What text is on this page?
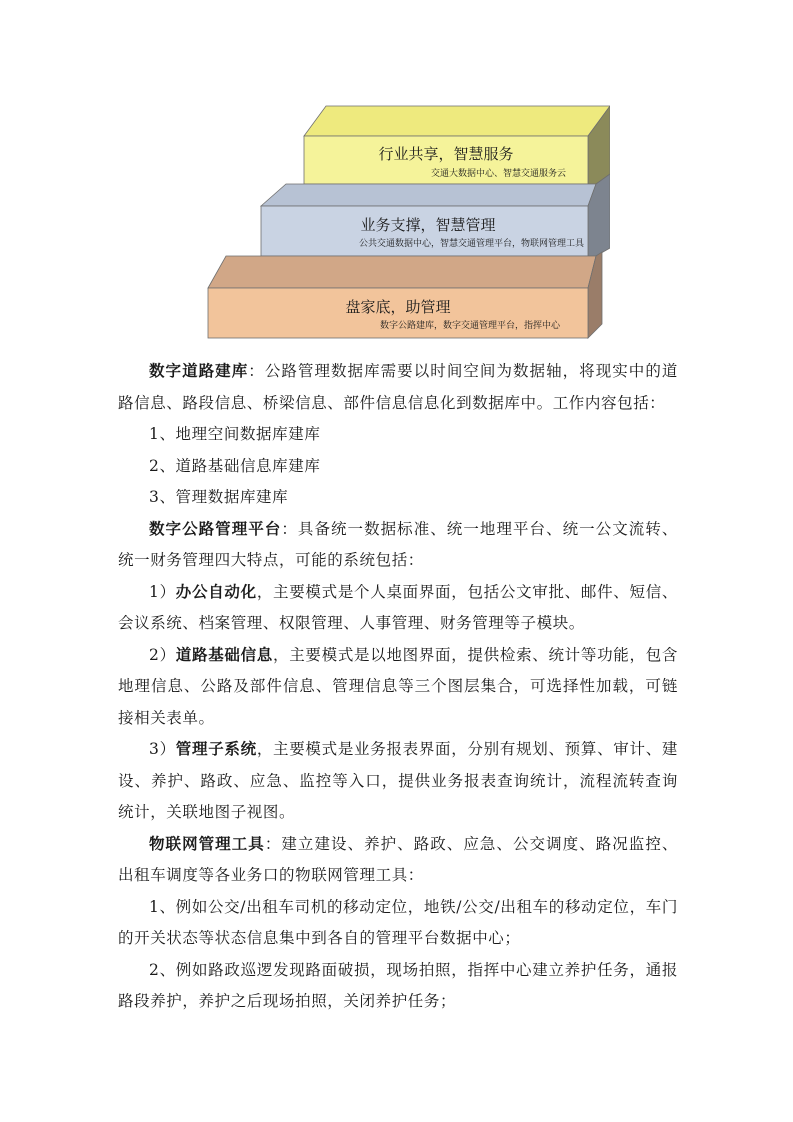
行业共享，智慧服务
交通大数据中心、智慧交通服务云
业务支撑，智慧管理
公共交通数据中心，智慧交通管理平台，物联网管理工具
盘家底，助管理
数字公路建库，数字交通管理平台，指挥中心

数字道路建库：公路管理数据库需要以时间空间为数据轴，将现实中的道路信息、路段信息、桥梁信息、部件信息信息化到数据库中。工作内容包括：

1、地理空间数据库建库

2、道路基础信息库建库

3、管理数据库建库

数字公路管理平台：具备统一数据标准、统一地理平台、统一公文流转、统一财务管理四大特点，可能的系统包括：

1）办公自动化，主要模式是个人桌面界面，包括公文审批、邮件、短信、会议系统、档案管理、权限管理、人事管理、财务管理等子模块。

2）道路基础信息，主要模式是以地图界面，提供检索、统计等功能，包含地理信息、公路及部件信息、管理信息等三个图层集合，可选择性加载，可链接相关表单。

3）管理子系统，主要模式是业务报表界面，分别有规划、预算、审计、建设、养护、路政、应急、监控等入口，提供业务报表查询统计，流程流转查询统计，关联地图子视图。

物联网管理工具：建立建设、养护、路政、应急、公交调度、路况监控、出租车调度等各业务口的物联网管理工具：

1、例如公交/出租车司机的移动定位，地铁/公交/出租车的移动定位，车门的开关状态等状态信息集中到各自的管理平台数据中心；

2、例如路政巡逻发现路面破损，现场拍照，指挥中心建立养护任务，通报路段养护，养护之后现场拍照，关闭养护任务；
